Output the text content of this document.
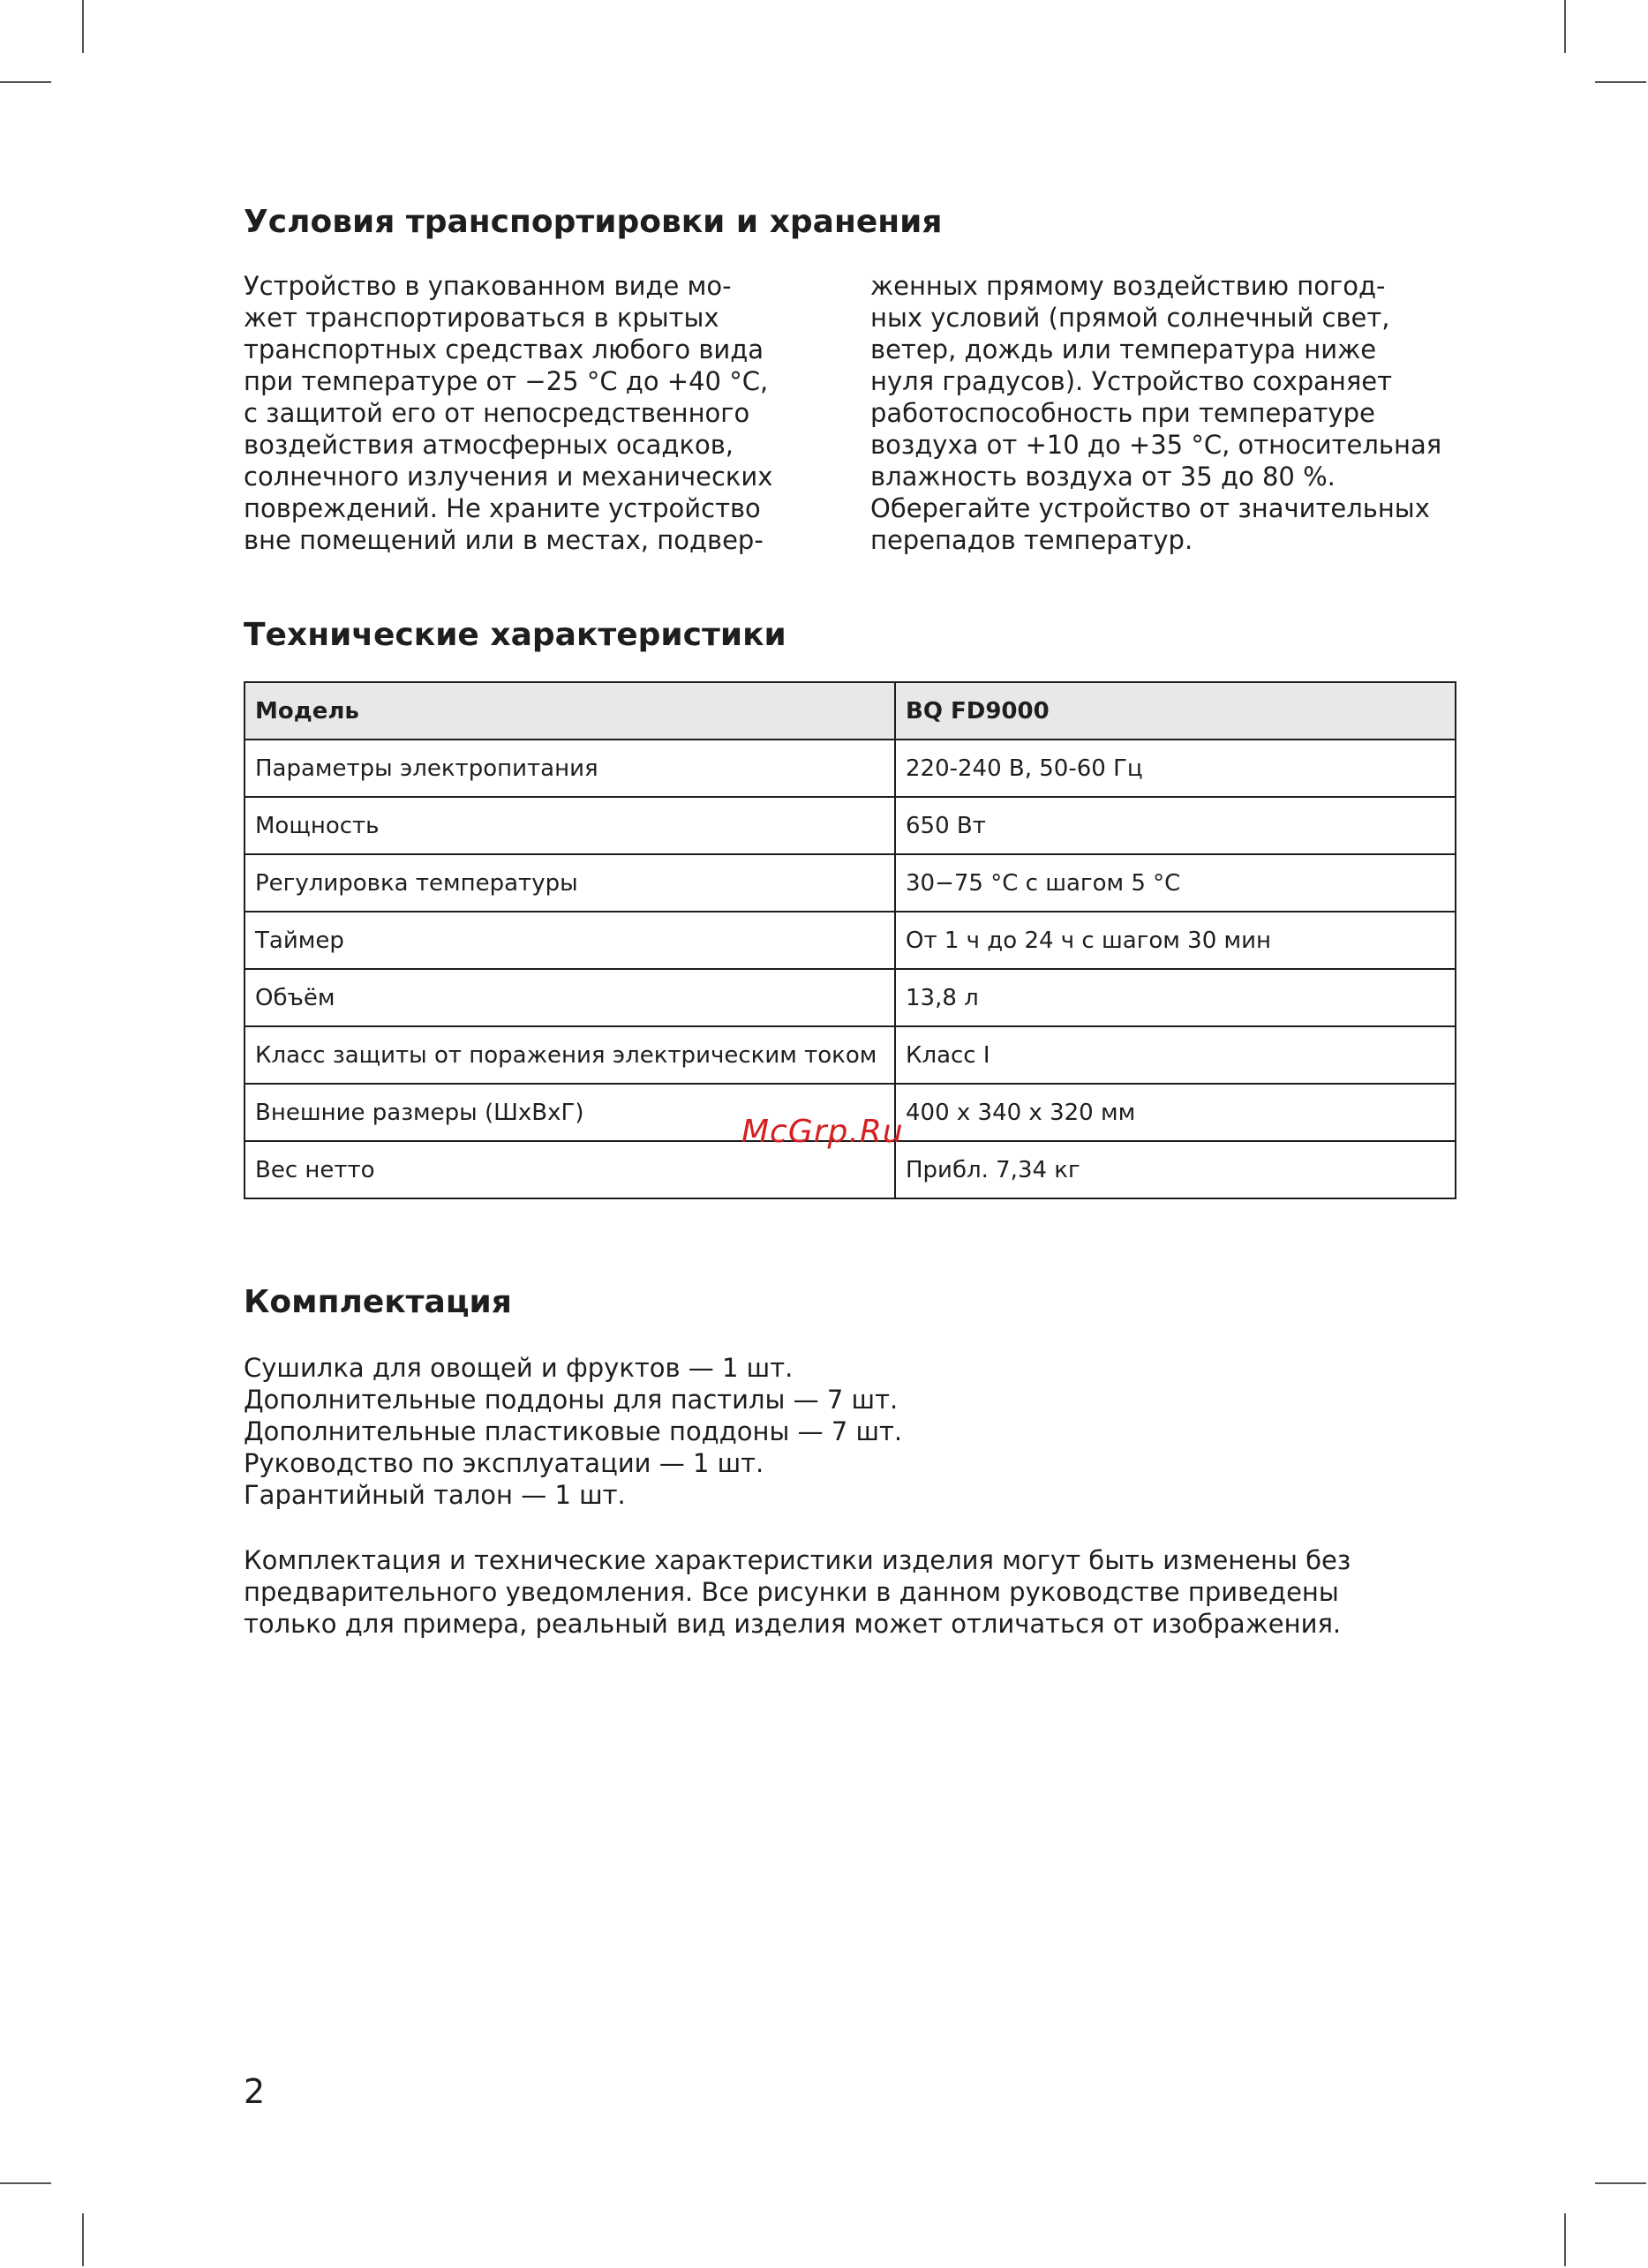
Условия транспортировки и хранения
Устройство в упакованном виде мо-
жет транспортироваться в крытых
транспортных средствах любого вида
при температуре от −25 °C до +40 °C,
с защитой его от непосредственного
воздействия атмосферных осадков,
солнечного излучения и механических
повреждений. Не храните устройство
вне помещений или в местах, подвер-
женных прямому воздействию погод-
ных условий (прямой солнечный свет,
ветер, дождь или температура ниже
нуля градусов). Устройство сохраняет
работоспособность при температуре
воздуха от +10 до +35 °C, относительная
влажность воздуха от 35 до 80 %.
Оберегайте устройство от значительных
перепадов температур.
Технические характеристики
Модель	BQ FD9000
Параметры электропитания	220-240 В, 50-60 Гц
Мощность	650 Вт
Регулировка температуры	30−75 °C с шагом 5 °C
Таймер	От 1 ч до 24 ч с шагом 30 мин
Объём	13,8 л
Класс защиты от поражения электрическим током	Класс I
Внешние размеры (ШхВхГ)	400 х 340 х 320 мм
Вес нетто	Прибл. 7,34 кг
Комплектация
Сушилка для овощей и фруктов — 1 шт.
Дополнительные поддоны для пастилы — 7 шт.
Дополнительные пластиковые поддоны — 7 шт.
Руководство по эксплуатации — 1 шт.
Гарантийный талон — 1 шт.
Комплектация и технические характеристики изделия могут быть изменены без
предварительного уведомления. Все рисунки в данном руководстве приведены
только для примера, реальный вид изделия может отличаться от изображения.
McGrp.Ru
2
